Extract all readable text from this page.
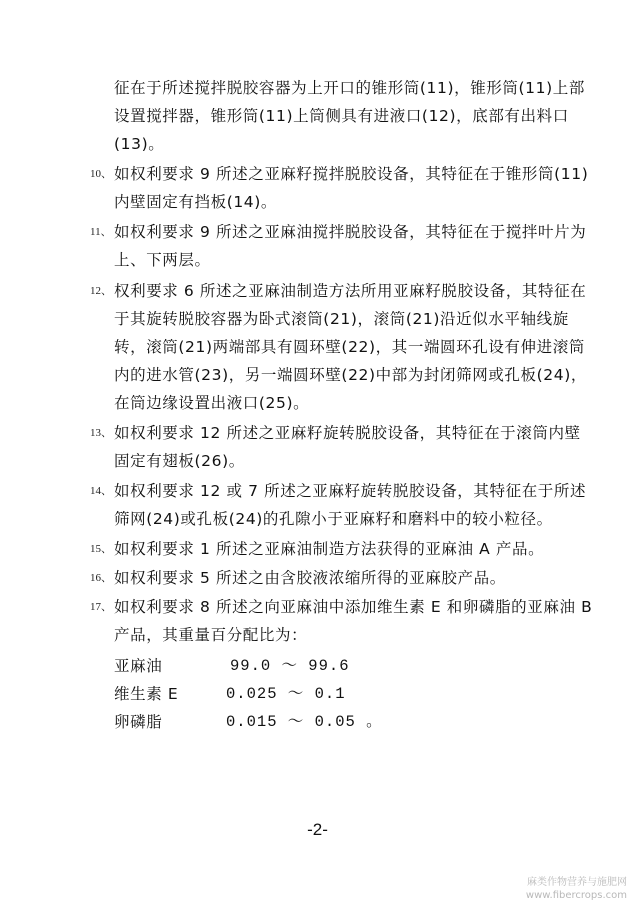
征在于所述搅拌脱胶容器为上开口的锥形筒(11)，锥形筒(11)上部
设置搅拌器，锥形筒(11)上筒侧具有进液口(12)，底部有出料口
(13)。
10、 如权利要求 9 所述之亚麻籽搅拌脱胶设备，其特征在于锥形筒(11)
内壁固定有挡板(14)。
11、 如权利要求 9 所述之亚麻油搅拌脱胶设备，其特征在于搅拌叶片为
上、下两层。
12、 权利要求 6 所述之亚麻油制造方法所用亚麻籽脱胶设备，其特征在
于其旋转脱胶容器为卧式滚筒(21)，滚筒(21)沿近似水平轴线旋
转，滚筒(21)两端部具有圆环壁(22)，其一端圆环孔设有伸进滚筒
内的进水管(23)，另一端圆环壁(22)中部为封闭筛网或孔板(24)，
在筒边缘设置出液口(25)。
13、 如权利要求 12 所述之亚麻籽旋转脱胶设备，其特征在于滚筒内壁
固定有翅板(26)。
14、 如权利要求 12 或 7 所述之亚麻籽旋转脱胶设备，其特征在于所述
筛网(24)或孔板(24)的孔隙小于亚麻籽和磨料中的较小粒径。
15、 如权利要求 1 所述之亚麻油制造方法获得的亚麻油 A 产品。
16、 如权利要求 5 所述之由含胶液浓缩所得的亚麻胶产品。
17、 如权利要求 8 所述之向亚麻油中添加维生素 E 和卵磷脂的亚麻油 B
产品，其重量百分配比为：
亚麻油	99.0 ～ 99.6
维生素 E	0.025 ～ 0.1
卵磷脂	0.015 ～ 0.05 。
-2-
麻类作物营养与施肥网
www.fibercrops.com
